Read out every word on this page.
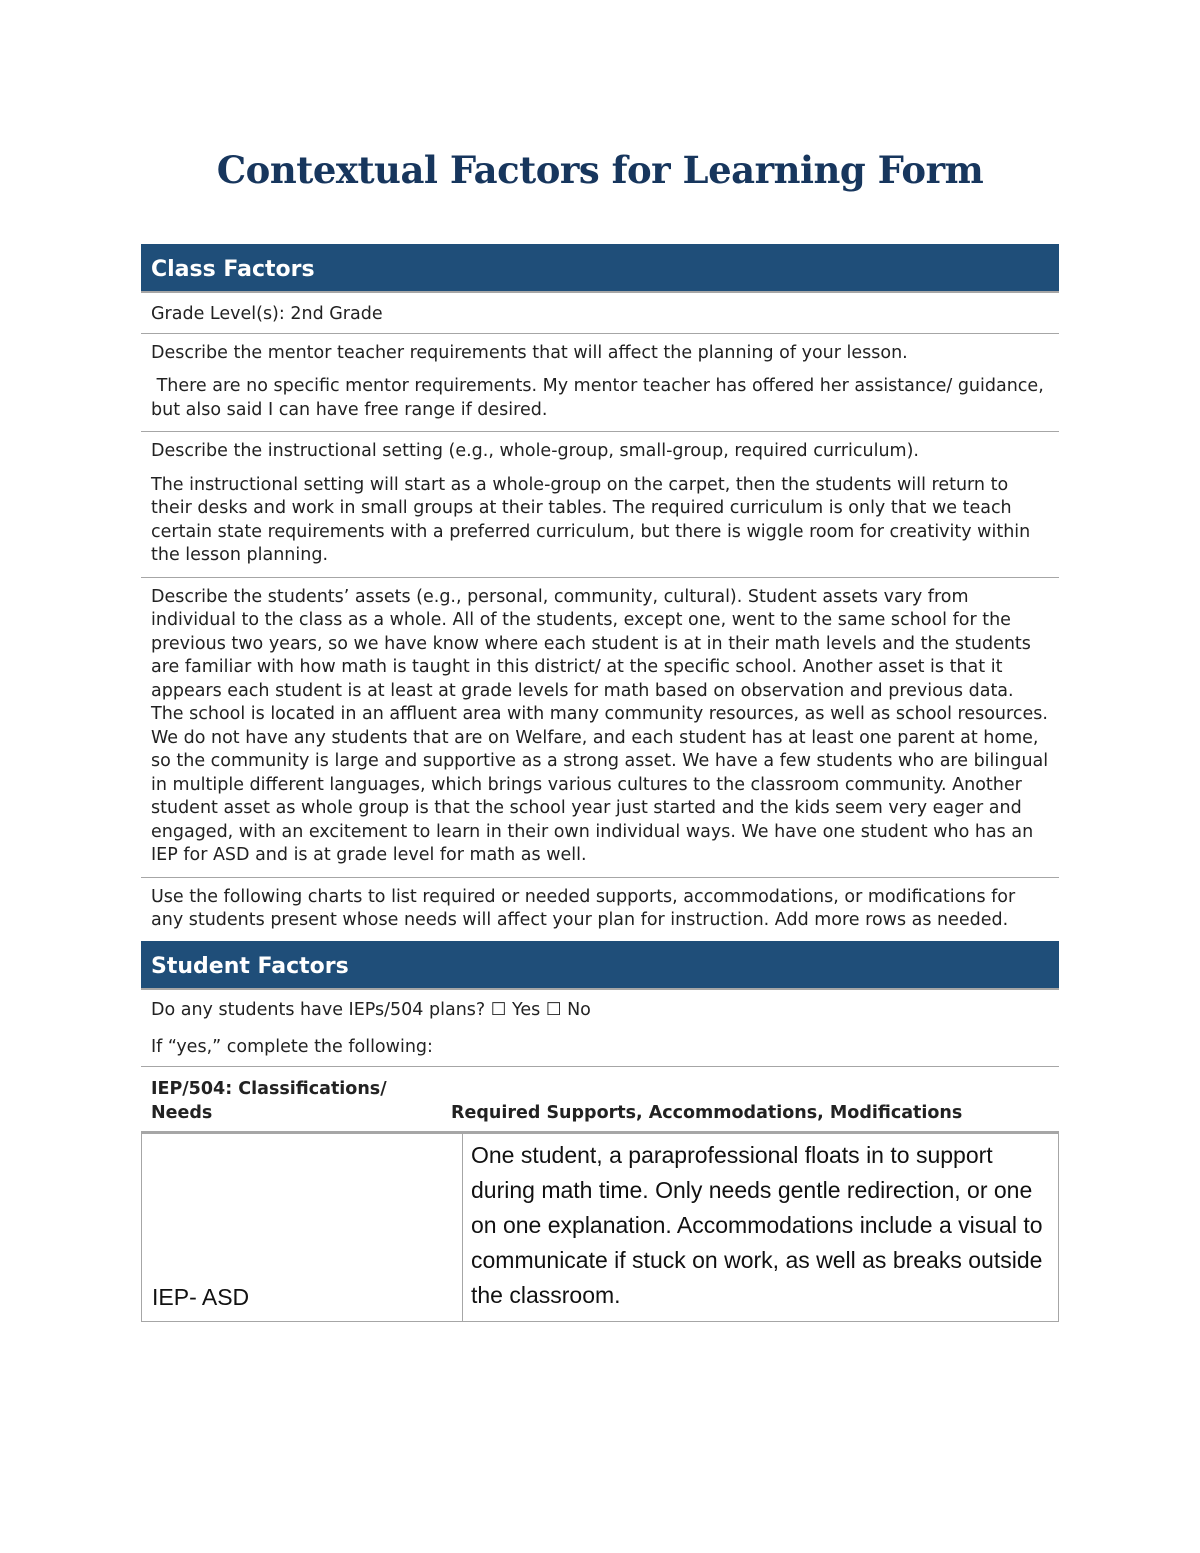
Contextual Factors for Learning Form
Class Factors

Grade Level(s): 2nd Grade

Describe the mentor teacher requirements that will affect the planning of your lesson.

There are no specific mentor requirements. My mentor teacher has offered her assistance/ guidance, but also said I can have free range if desired.

Describe the instructional setting (e.g., whole-group, small-group, required curriculum).

The instructional setting will start as a whole-group on the carpet, then the students will return to their desks and work in small groups at their tables. The required curriculum is only that we teach certain state requirements with a preferred curriculum, but there is wiggle room for creativity within the lesson planning.

Describe the students’ assets (e.g., personal, community, cultural). Student assets vary from individual to the class as a whole. All of the students, except one, went to the same school for the previous two years, so we have know where each student is at in their math levels and the students are familiar with how math is taught in this district/ at the specific school. Another asset is that it appears each student is at least at grade levels for math based on observation and previous data. The school is located in an affluent area with many community resources, as well as school resources. We do not have any students that are on Welfare, and each student has at least one parent at home, so the community is large and supportive as a strong asset. We have a few students who are bilingual in multiple different languages, which brings various cultures to the classroom community. Another student asset as whole group is that the school year just started and the kids seem very eager and engaged, with an excitement to learn in their own individual ways. We have one student who has an IEP for ASD and is at grade level for math as well.

Use the following charts to list required or needed supports, accommodations, or modifications for any students present whose needs will affect your plan for instruction. Add more rows as needed.

Student Factors

Do any students have IEPs/504 plans? ☐ Yes ☐ No

If “yes,” complete the following:

IEP/504: Classifications/ Needs	Required Supports, Accommodations, Modifications
IEP- ASD	One student, a paraprofessional floats in to support during math time. Only needs gentle redirection, or one on one explanation. Accommodations include a visual to communicate if stuck on work, as well as breaks outside the classroom.
